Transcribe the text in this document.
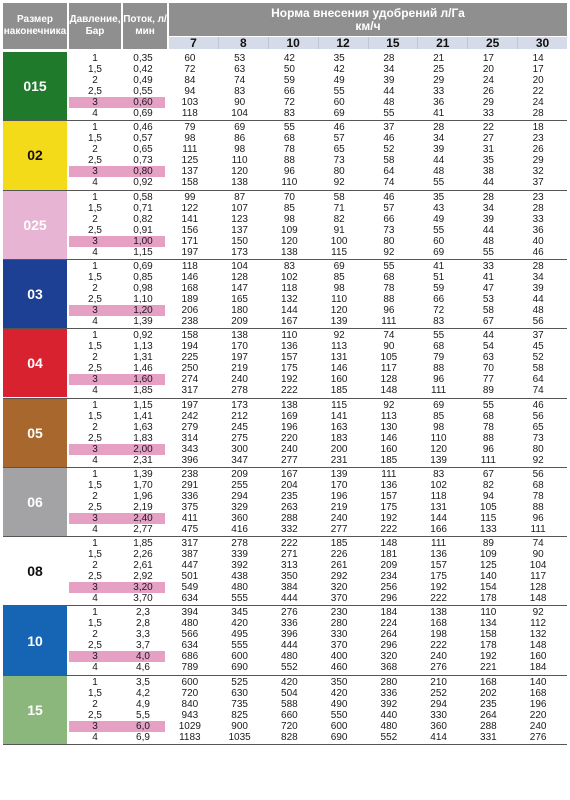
Размер наконечника
Давление, Бар
Поток, л/мин
Норма внесения удобрений л/Га
км/ч
7	8	10	12	15	21	25	30
015
1	0,35	60	53	42	35	28	21	17	14
1,5	0,42	72	63	50	42	34	25	20	17
2	0,49	84	74	59	49	39	29	24	20
2,5	0,55	94	83	66	55	44	33	26	22
3	0,60	103	90	72	60	48	36	29	24
4	0,69	118	104	83	69	55	41	33	28
02
1	0,46	79	69	55	46	37	28	22	18
1,5	0,57	98	86	68	57	46	34	27	23
2	0,65	111	98	78	65	52	39	31	26
2,5	0,73	125	110	88	73	58	44	35	29
3	0,80	137	120	96	80	64	48	38	32
4	0,92	158	138	110	92	74	55	44	37
025
1	0,58	99	87	70	58	46	35	28	23
1,5	0,71	122	107	85	71	57	43	34	28
2	0,82	141	123	98	82	66	49	39	33
2,5	0,91	156	137	109	91	73	55	44	36
3	1,00	171	150	120	100	80	60	48	40
4	1,15	197	173	138	115	92	69	55	46
03
1	0,69	118	104	83	69	55	41	33	28
1,5	0,85	146	128	102	85	68	51	41	34
2	0,98	168	147	118	98	78	59	47	39
2,5	1,10	189	165	132	110	88	66	53	44
3	1,20	206	180	144	120	96	72	58	48
4	1,39	238	209	167	139	111	83	67	56
04
1	0,92	158	138	110	92	74	55	44	37
1,5	1,13	194	170	136	113	90	68	54	45
2	1,31	225	197	157	131	105	79	63	52
2,5	1,46	250	219	175	146	117	88	70	58
3	1,60	274	240	192	160	128	96	77	64
4	1,85	317	278	222	185	148	111	89	74
05
1	1,15	197	173	138	115	92	69	55	46
1,5	1,41	242	212	169	141	113	85	68	56
2	1,63	279	245	196	163	130	98	78	65
2,5	1,83	314	275	220	183	146	110	88	73
3	2,00	343	300	240	200	160	120	96	80
4	2,31	396	347	277	231	185	139	111	92
06
1	1,39	238	209	167	139	111	83	67	56
1,5	1,70	291	255	204	170	136	102	82	68
2	1,96	336	294	235	196	157	118	94	78
2,5	2,19	375	329	263	219	175	131	105	88
3	2,40	411	360	288	240	192	144	115	96
4	2,77	475	416	332	277	222	166	133	111
08
1	1,85	317	278	222	185	148	111	89	74
1,5	2,26	387	339	271	226	181	136	109	90
2	2,61	447	392	313	261	209	157	125	104
2,5	2,92	501	438	350	292	234	175	140	117
3	3,20	549	480	384	320	256	192	154	128
4	3,70	634	555	444	370	296	222	178	148
10
1	2,3	394	345	276	230	184	138	110	92
1,5	2,8	480	420	336	280	224	168	134	112
2	3,3	566	495	396	330	264	198	158	132
2,5	3,7	634	555	444	370	296	222	178	148
3	4,0	686	600	480	400	320	240	192	160
4	4,6	789	690	552	460	368	276	221	184
15
1	3,5	600	525	420	350	280	210	168	140
1,5	4,2	720	630	504	420	336	252	202	168
2	4,9	840	735	588	490	392	294	235	196
2,5	5,5	943	825	660	550	440	330	264	220
3	6,0	1029	900	720	600	480	360	288	240
4	6,9	1183	1035	828	690	552	414	331	276
